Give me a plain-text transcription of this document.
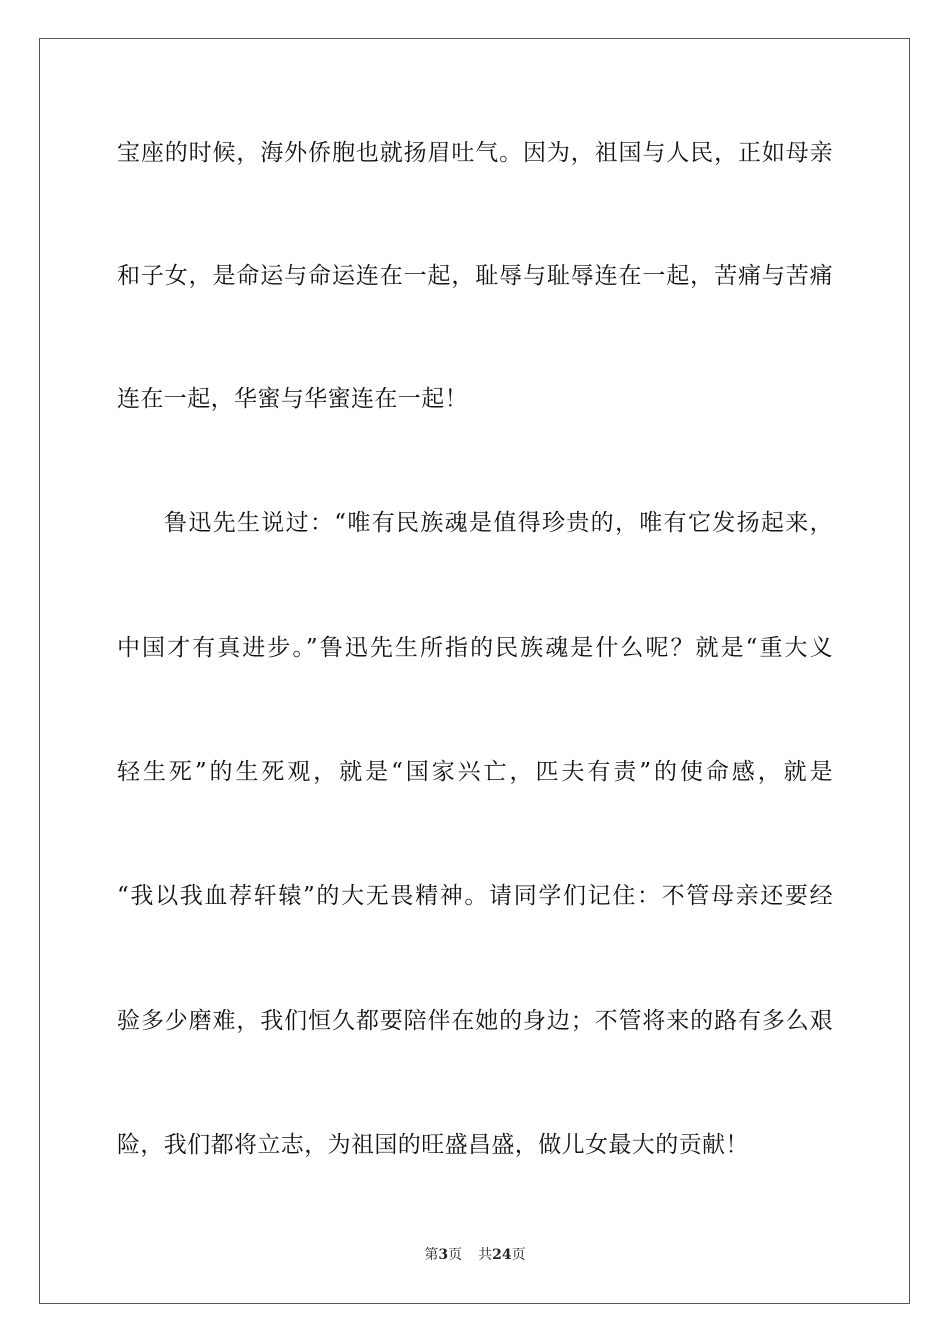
宝座的时候，海外侨胞也就扬眉吐气。因为，祖国与人民，正如母亲
和子女，是命运与命运连在一起，耻辱与耻辱连在一起，苦痛与苦痛
连在一起，华蜜与华蜜连在一起！
鲁迅先生说过：“唯有民族魂是值得珍贵的，唯有它发扬起来，
中国才有真进步。”鲁迅先生所指的民族魂是什么呢？就是“重大义
轻生死”的生死观，就是“国家兴亡，匹夫有责”的使命感，就是
“我以我血荐轩辕”的大无畏精神。请同学们记住：不管母亲还要经
验多少磨难，我们恒久都要陪伴在她的身边；不管将来的路有多么艰
险，我们都将立志，为祖国的旺盛昌盛，做儿女最大的贡献！
第3页 共24页
